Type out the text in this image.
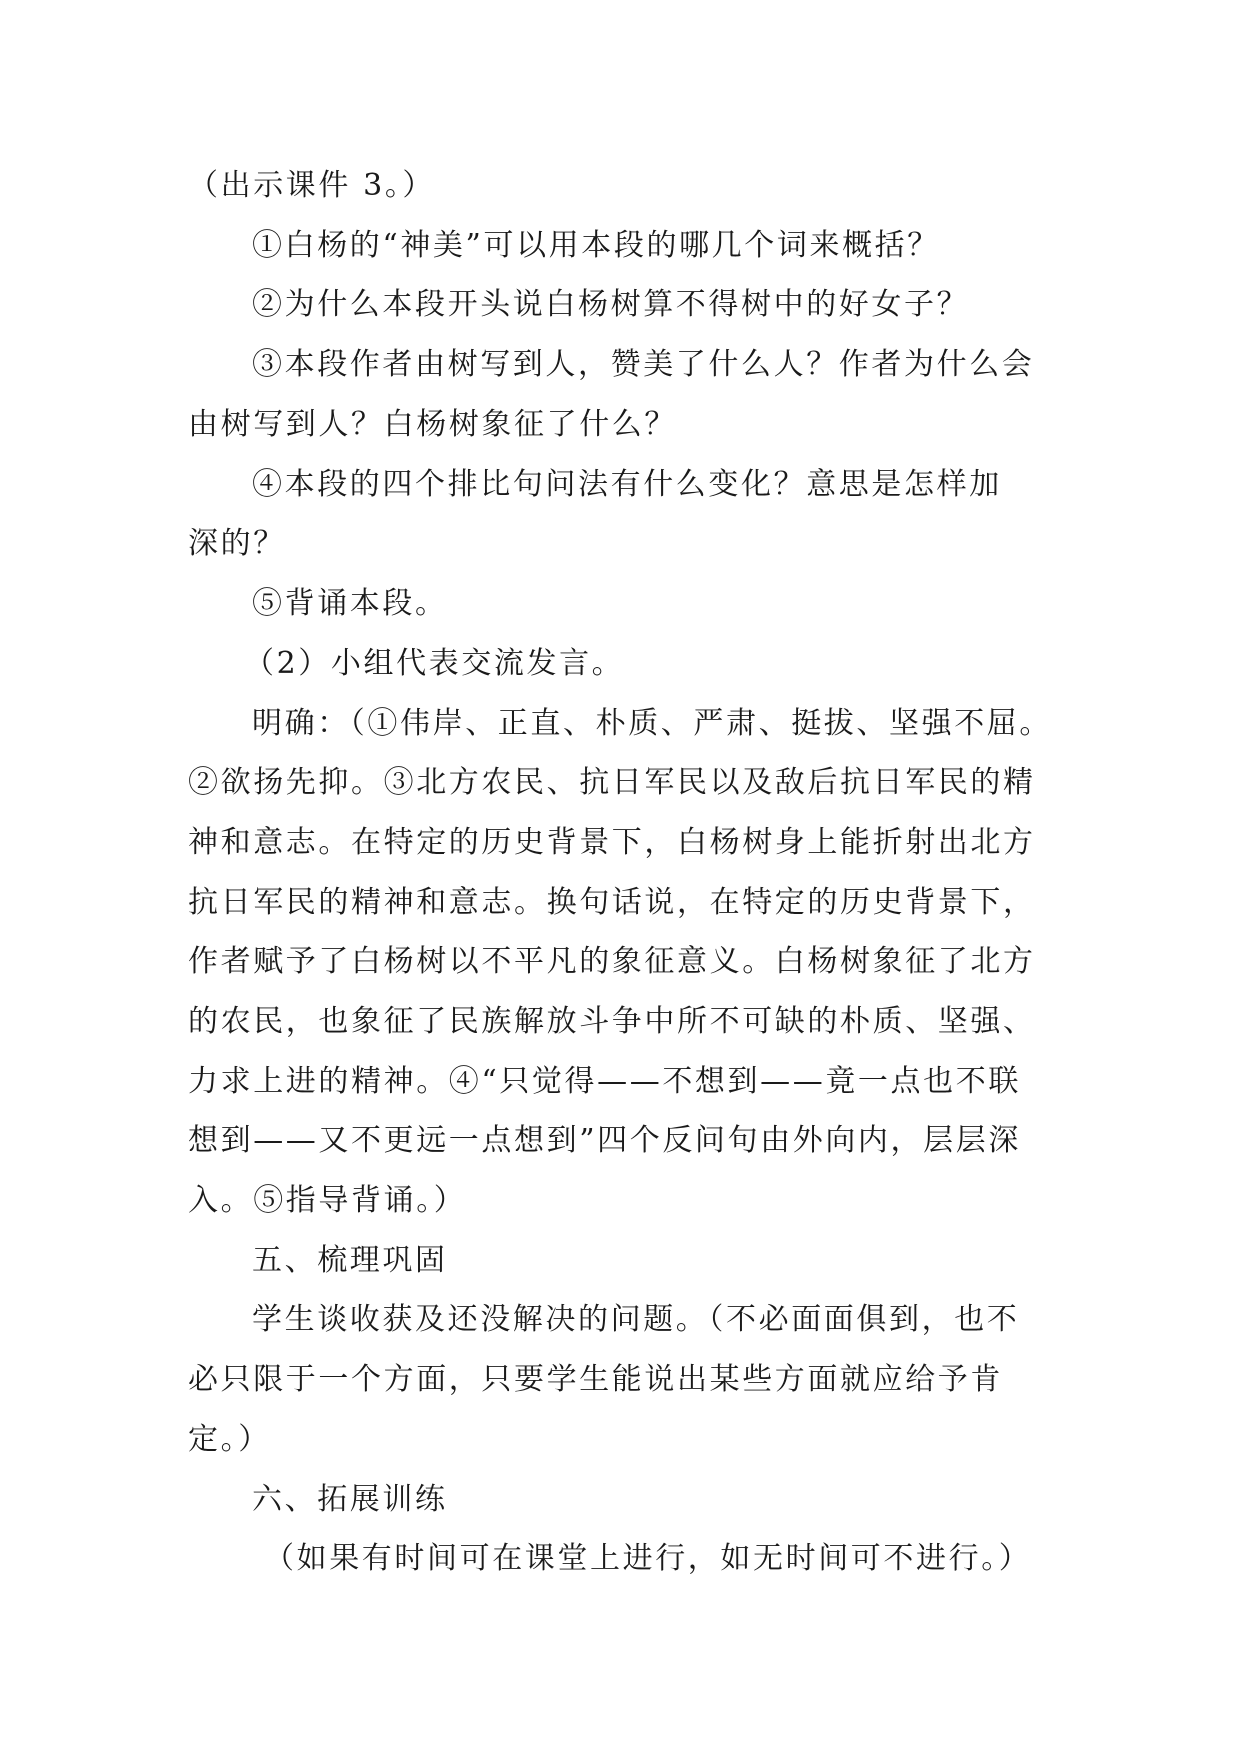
（出示课件 3。）
①白杨的“神美”可以用本段的哪几个词来概括？
②为什么本段开头说白杨树算不得树中的好女子？
③本段作者由树写到人，赞美了什么人？作者为什么会
由树写到人？白杨树象征了什么？
④本段的四个排比句问法有什么变化？意思是怎样加
深的？
⑤背诵本段。
（2）小组代表交流发言。
明确：（①伟岸、正直、朴质、严肃、挺拔、坚强不屈。
②欲扬先抑。③北方农民、抗日军民以及敌后抗日军民的精
神和意志。在特定的历史背景下，白杨树身上能折射出北方
抗日军民的精神和意志。换句话说，在特定的历史背景下，
作者赋予了白杨树以不平凡的象征意义。白杨树象征了北方
的农民，也象征了民族解放斗争中所不可缺的朴质、坚强、
力求上进的精神。④“只觉得——不想到——竟一点也不联
想到——又不更远一点想到”四个反问句由外向内，层层深
入。⑤指导背诵。）
五、梳理巩固
学生谈收获及还没解决的问题。（不必面面俱到，也不
必只限于一个方面，只要学生能说出某些方面就应给予肯
定。）
六、拓展训练
（如果有时间可在课堂上进行，如无时间可不进行。）
